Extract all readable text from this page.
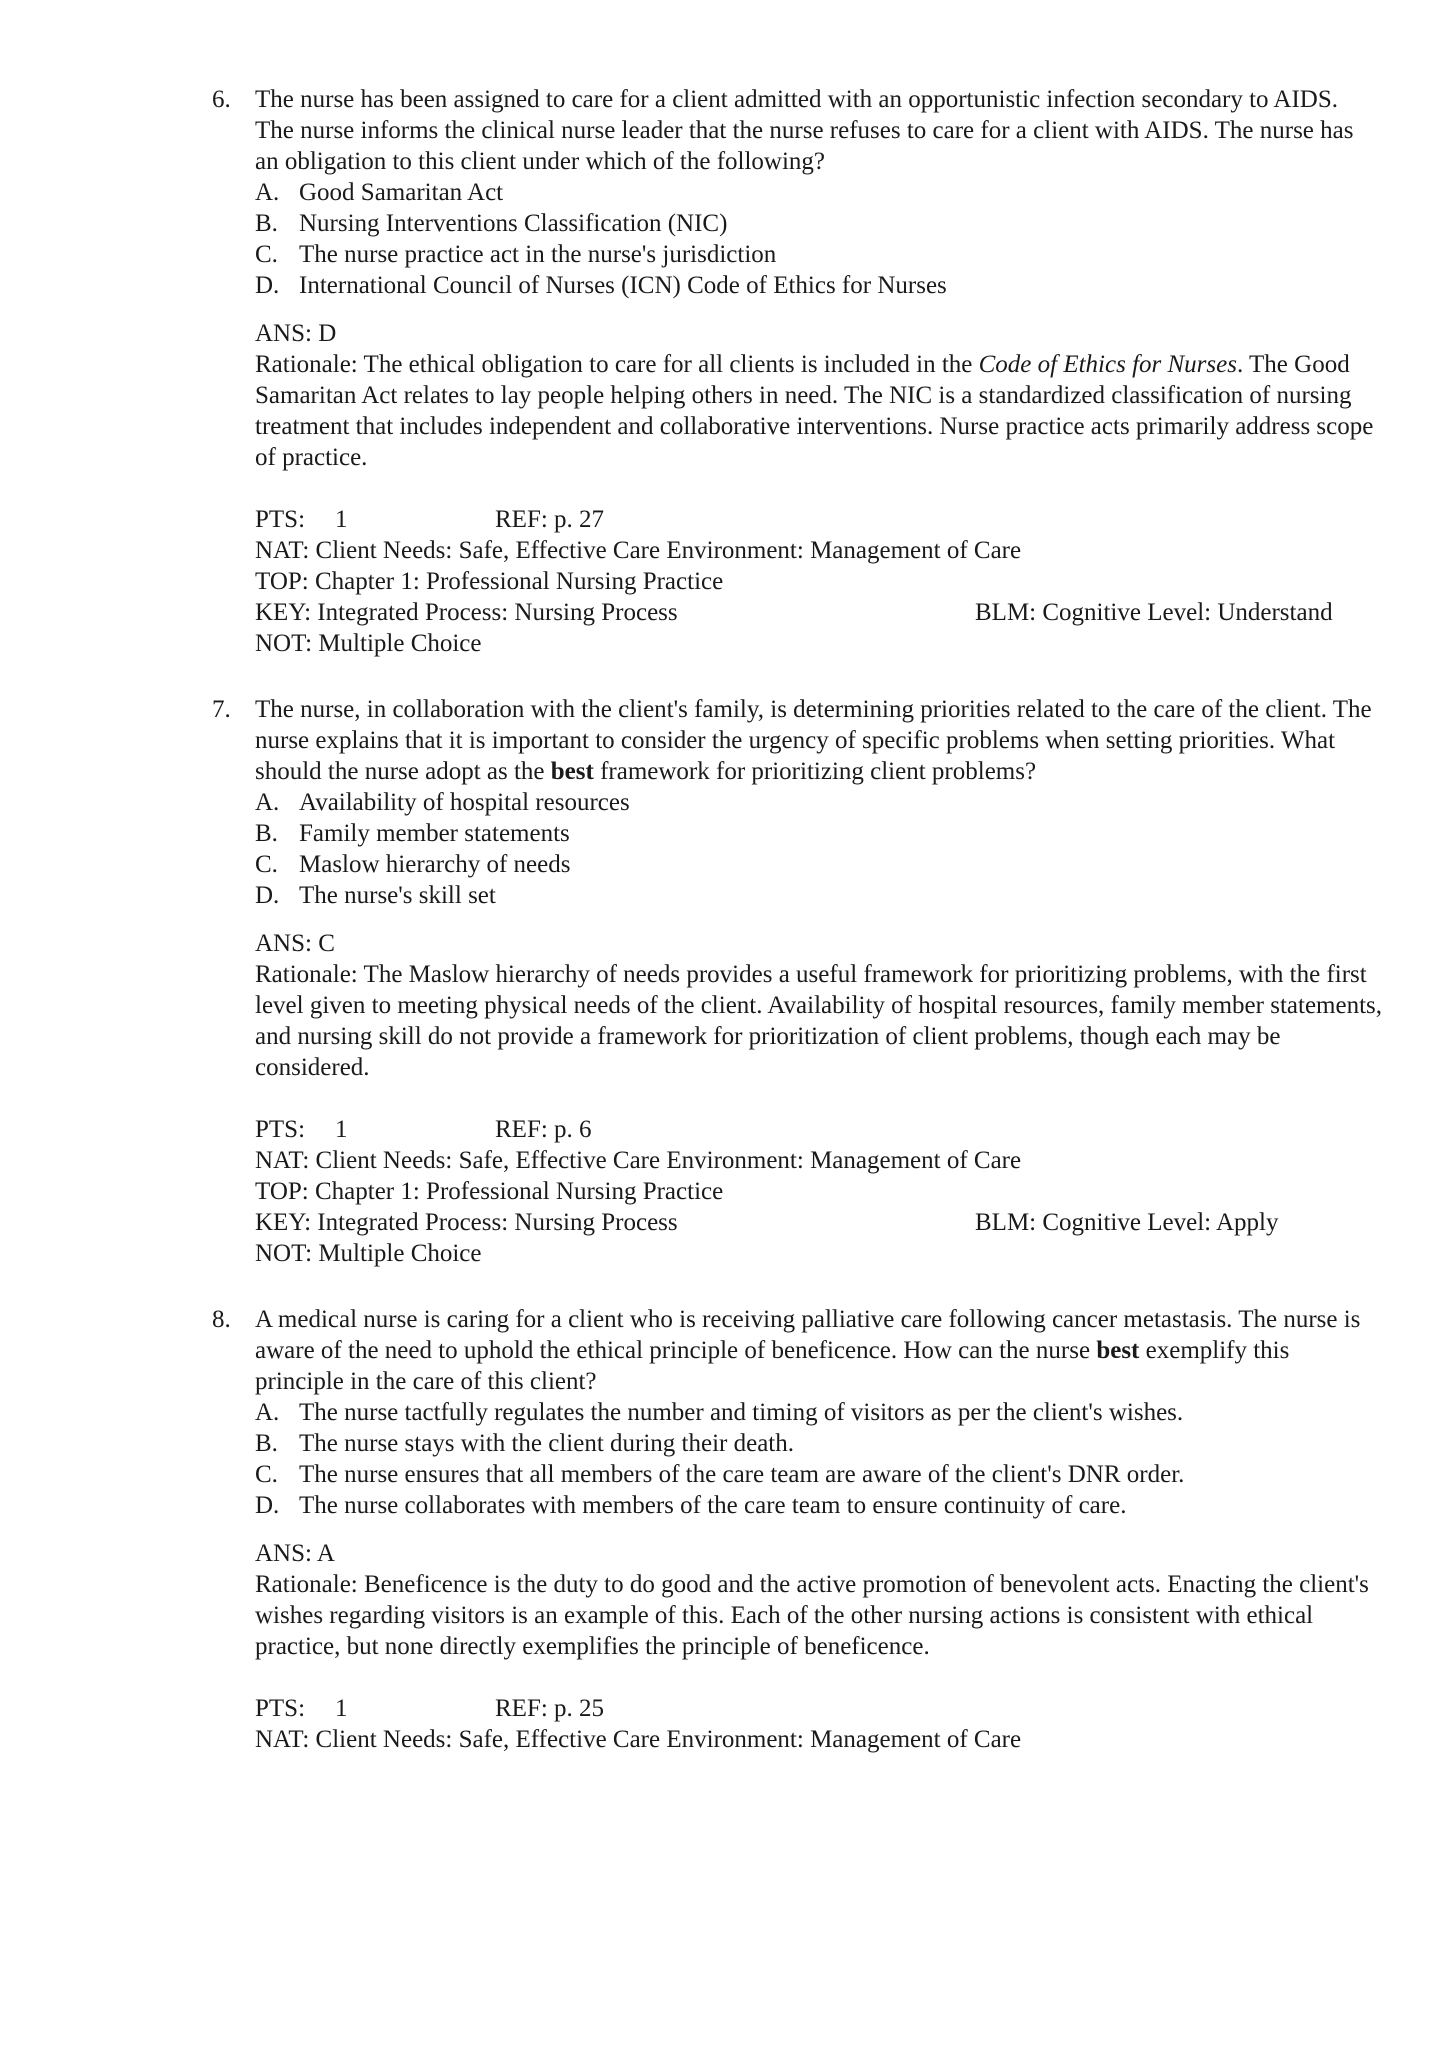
6. The nurse has been assigned to care for a client admitted with an opportunistic infection secondary to AIDS. The nurse informs the clinical nurse leader that the nurse refuses to care for a client with AIDS. The nurse has an obligation to this client under which of the following?

A. Good Samaritan Act
B. Nursing Interventions Classification (NIC)
C. The nurse practice act in the nurse's jurisdiction
D. International Council of Nurses (ICN) Code of Ethics for Nurses
ANS: D

Rationale: The ethical obligation to care for all clients is included in the Code of Ethics for Nurses. The Good Samaritan Act relates to lay people helping others in need. The NIC is a standardized classification of nursing treatment that includes independent and collaborative interventions. Nurse practice acts primarily address scope of practice.

PTS:	1	REF: p. 27
NAT: Client Needs: Safe, Effective Care Environment: Management of Care
TOP: Chapter 1: Professional Nursing Practice
KEY: Integrated Process: Nursing Process	BLM: Cognitive Level: Understand
NOT: Multiple Choice
7. The nurse, in collaboration with the client's family, is determining priorities related to the care of the client. The nurse explains that it is important to consider the urgency of specific problems when setting priorities. What should the nurse adopt as the best framework for prioritizing client problems?

A. Availability of hospital resources
B. Family member statements
C. Maslow hierarchy of needs
D. The nurse's skill set
ANS: C

Rationale: The Maslow hierarchy of needs provides a useful framework for prioritizing problems, with the first level given to meeting physical needs of the client. Availability of hospital resources, family member statements, and nursing skill do not provide a framework for prioritization of client problems, though each may be considered.

PTS:	1	REF: p. 6
NAT: Client Needs: Safe, Effective Care Environment: Management of Care
TOP: Chapter 1: Professional Nursing Practice
KEY: Integrated Process: Nursing Process	BLM: Cognitive Level: Apply
NOT: Multiple Choice
8. A medical nurse is caring for a client who is receiving palliative care following cancer metastasis. The nurse is aware of the need to uphold the ethical principle of beneficence. How can the nurse best exemplify this principle in the care of this client?

A. The nurse tactfully regulates the number and timing of visitors as per the client's wishes.
B. The nurse stays with the client during their death.
C. The nurse ensures that all members of the care team are aware of the client's DNR order.
D. The nurse collaborates with members of the care team to ensure continuity of care.
ANS: A

Rationale: Beneficence is the duty to do good and the active promotion of benevolent acts. Enacting the client's wishes regarding visitors is an example of this. Each of the other nursing actions is consistent with ethical practice, but none directly exemplifies the principle of beneficence.

PTS:	1	REF: p. 25
NAT: Client Needs: Safe, Effective Care Environment: Management of Care
